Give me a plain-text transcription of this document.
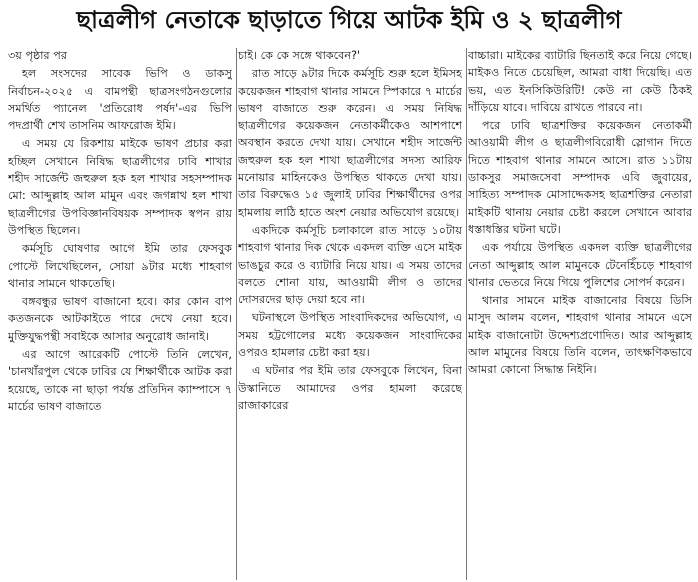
ছাত্রলীগ নেতাকে ছাড়াতে গিয়ে আটক ইমি ও ২ ছাত্রলীগ

৩য় পৃষ্ঠার পর

হল সংসদের সাবেক ভিপি ও ডাকসু নির্বাচন-২০২৫ এ বামপন্থী ছাত্রসংগঠনগুলোর সমর্থিত প্যানেল 'প্রতিরোধ পর্ষদ'-এর ভিপি পদপ্রার্থী শেখ তাসনিম আফরোজ ইমি।

এ সময় যে রিকশায় মাইকে ভাষণ প্রচার করা হচ্ছিল সেখানে নিষিদ্ধ ছাত্রলীগের ঢাবি শাখার শহীদ সার্জেন্ট জহুরুল হক হল শাখার সহসম্পাদক মো: আব্দুল্লাহ আল মামুন এবং জগন্নাথ হল শাখা ছাত্রলীগের উপবিজ্ঞানবিষয়ক সম্পাদক স্বপন রায় উপস্থিত ছিলেন।

কর্মসূচি ঘোষণার আগে ইমি তার ফেসবুক পোস্টে লিখেছিলেন, সোয়া ৯টার মধ্যে শাহবাগ থানার সামনে থাকতেছি।

বঙ্গবন্ধুর ভাষণ বাজানো হবে। কার কোন বাপ কতজনকে আটকাইতে পারে দেখে নেয়া হবে। মুক্তিযুদ্ধপন্থী সবাইকে আসার অনুরোধ জানাই।

এর আগে আরেকটি পোস্টে তিনি লেখেন, 'চানখাঁরপুল থেকে ঢাবির যে শিক্ষার্থীকে আটক করা হয়েছে, তাকে না ছাড়া পর্যন্ত প্রতিদিন ক্যাম্পাসে ৭ মার্চের ভাষণ বাজাতে

চাই। কে কে সঙ্গে থাকবেন?'

রাত সাড়ে ৯টার দিকে কর্মসূচি শুরু হলে ইমিসহ কয়েকজন শাহবাগ থানার সামনে স্পিকারে ৭ মার্চের ভাষণ বাজাতে শুরু করেন। এ সময় নিষিদ্ধ ছাত্রলীগের কয়েকজন নেতাকর্মীকেও আশপাশে অবস্থান করতে দেখা যায়। সেখানে শহীদ সার্জেন্ট জহুরুল হক হল শাখা ছাত্রলীগের সদস্য আরিফ মনোয়ার মাহিনকেও উপস্থিত থাকতে দেখা যায়। তার বিরুদ্ধেও ১৫ জুলাই ঢাবির শিক্ষার্থীদের ওপর হামলায় লাঠি হাতে অংশ নেয়ার অভিযোগ রয়েছে।

একদিকে কর্মসূচি চলাকালে রাত সাড়ে ১০টায় শাহবাগ থানার দিক থেকে একদল ব্যক্তি এসে মাইক ভাঙচুর করে ও ব্যাটারি নিয়ে যায়। এ সময় তাদের বলতে শোনা যায়, আওয়ামী লীগ ও তাদের দোসরদের ছাড় দেয়া হবে না।

ঘটনাস্থলে উপস্থিত সাংবাদিকদের অভিযোগ, এ সময় হট্টগোলের মধ্যে কয়েকজন সাংবাদিকের ওপরও হামলার চেষ্টা করা হয়।

এ ঘটনার পর ইমি তার ফেসবুকে লিখেন, বিনা উস্কানিতে আমাদের ওপর হামলা করেছে রাজাকারের

বাচ্চারা। মাইকের ব্যাটারি ছিনতাই করে নিয়ে গেছে। মাইকও নিতে চেয়েছিল, আমরা বাধা দিয়েছি। এত ভয়, এত ইনসিকিউরিটি! কেউ না কেউ ঠিকই দাঁড়িয়ে যাবে। দাবিয়ে রাখতে পারবে না।

পরে ঢাবি ছাত্রশক্তির কয়েকজন নেতাকর্মী আওয়ামী লীগ ও ছাত্রলীগবিরোধী স্লোগান দিতে দিতে শাহবাগ থানার সামনে আসে। রাত ১১টায় ডাকসুর সমাজসেবা সম্পাদক এবি জুবায়ের, সাহিত্য সম্পাদক মোসাদ্দেকসহ ছাত্রশক্তির নেতারা মাইকটি থানায় নেয়ার চেষ্টা করলে সেখানে আবার ধস্তাধস্তির ঘটনা ঘটে।

এক পর্যায়ে উপস্থিত একদল ব্যক্তি ছাত্রলীগের নেতা আব্দুল্লাহ আল মামুনকে টেনেহিঁচড়ে শাহবাগ থানার ভেতরে নিয়ে গিয়ে পুলিশের সোপর্দ করেন।

থানার সামনে মাইক বাজানোর বিষয়ে ডিসি মাসুদ আলম বলেন, শাহবাগ থানার সামনে এসে মাইক বাজানোটা উদ্দেশ্যপ্রণোদিত। আর আব্দুল্লাহ আল মামুনের বিষয়ে তিনি বলেন, তাৎক্ষণিকভাবে আমরা কোনো সিদ্ধান্ত নিইনি।
